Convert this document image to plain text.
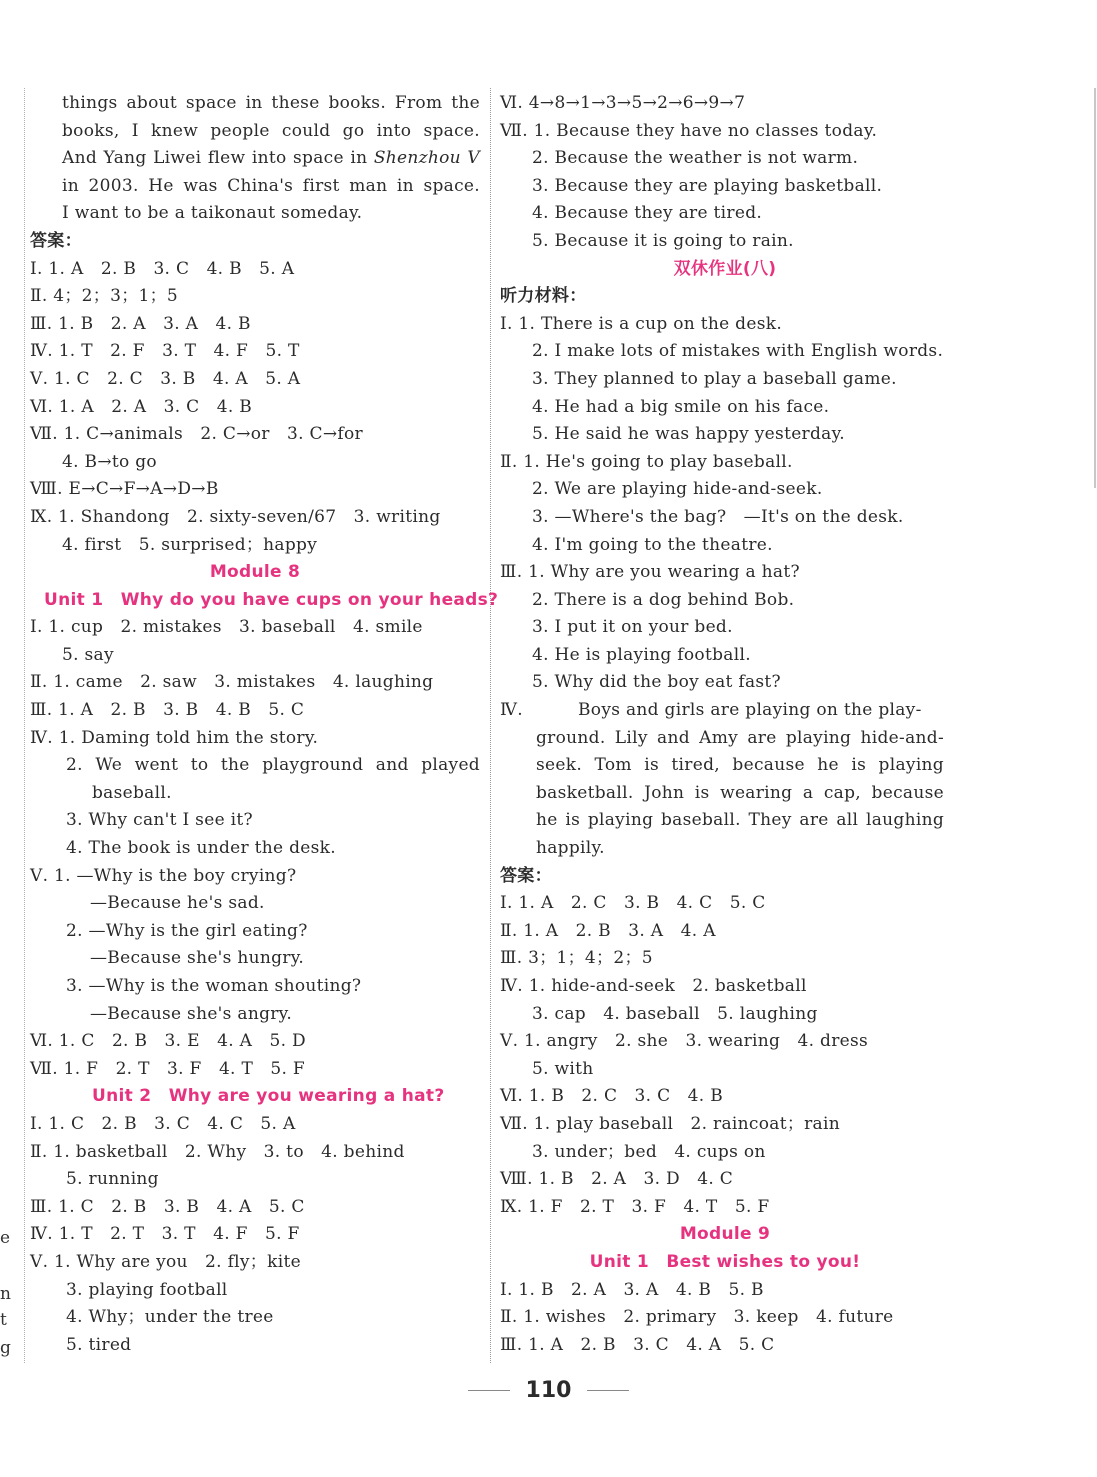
e
n
t
g
things about space in these books. From the
books, I knew people could go into space.
And Yang Liwei flew into space in Shenzhou V
in 2003. He was China's first man in space.
I want to be a taikonaut someday.
答案：
Ⅰ. 1. A　2. B　3. C　4. B　5. A
Ⅱ. 4；2；3；1；5
Ⅲ. 1. B　2. A　3. A　4. B
Ⅳ. 1. T　2. F　3. T　4. F　5. T
Ⅴ. 1. C　2. C　3. B　4. A　5. A
Ⅵ. 1. A　2. A　3. C　4. B
Ⅶ. 1. C→animals　2. C→or　3. C→for
4. B→to go
Ⅷ. E→C→F→A→D→B
Ⅸ. 1. Shandong　2. sixty-seven/67　3. writing
4. first　5. surprised；happy
Module 8
Unit 1　Why do you have cups on your heads?
Ⅰ. 1. cup　2. mistakes　3. baseball　4. smile
5. say
Ⅱ. 1. came　2. saw　3. mistakes　4. laughing
Ⅲ. 1. A　2. B　3. B　4. B　5. C
Ⅳ. 1. Daming told him the story.
2. We went to the playground and played
baseball.
3. Why can't I see it?
4. The book is under the desk.
Ⅴ. 1. —Why is the boy crying?
—Because he's sad.
2. —Why is the girl eating?
—Because she's hungry.
3. —Why is the woman shouting?
—Because she's angry.
Ⅵ. 1. C　2. B　3. E　4. A　5. D
Ⅶ. 1. F　2. T　3. F　4. T　5. F
Unit 2　Why are you wearing a hat?
Ⅰ. 1. C　2. B　3. C　4. C　5. A
Ⅱ. 1. basketball　2. Why　3. to　4. behind
5. running
Ⅲ. 1. C　2. B　3. B　4. A　5. C
Ⅳ. 1. T　2. T　3. T　4. F　5. F
Ⅴ. 1. Why are you　2. fly；kite
3. playing football
4. Why；under the tree
5. tired
Ⅵ. 4→8→1→3→5→2→6→9→7
Ⅶ. 1. Because they have no classes today.
2. Because the weather is not warm.
3. Because they are playing basketball.
4. Because they are tired.
5. Because it is going to rain.
双休作业(八)
听力材料：
Ⅰ. 1. There is a cup on the desk.
2. I make lots of mistakes with English words.
3. They planned to play a baseball game.
4. He had a big smile on his face.
5. He said he was happy yesterday.
Ⅱ. 1. He's going to play baseball.
2. We are playing hide-and-seek.
3. —Where's the bag?　—It's on the desk.
4. I'm going to the theatre.
Ⅲ. 1. Why are you wearing a hat?
2. There is a dog behind Bob.
3. I put it on your bed.
4. He is playing football.
5. Why did the boy eat fast?
Ⅳ.	Boys and girls are playing on the play-
ground. Lily and Amy are playing hide-and-
seek. Tom is tired, because he is playing
basketball. John is wearing a cap, because
he is playing baseball. They are all laughing
happily.
答案：
Ⅰ. 1. A　2. C　3. B　4. C　5. C
Ⅱ. 1. A　2. B　3. A　4. A
Ⅲ. 3；1；4；2；5
Ⅳ. 1. hide-and-seek　2. basketball
3. cap　4. baseball　5. laughing
Ⅴ. 1. angry　2. she　3. wearing　4. dress
5. with
Ⅵ. 1. B　2. C　3. C　4. B
Ⅶ. 1. play baseball　2. raincoat；rain
3. under；bed　4. cups on
Ⅷ. 1. B　2. A　3. D　4. C
Ⅸ. 1. F　2. T　3. F　4. T　5. F
Module 9
Unit 1　Best wishes to you!
Ⅰ. 1. B　2. A　3. A　4. B　5. B
Ⅱ. 1. wishes　2. primary　3. keep　4. future
Ⅲ. 1. A　2. B　3. C　4. A　5. C
110
